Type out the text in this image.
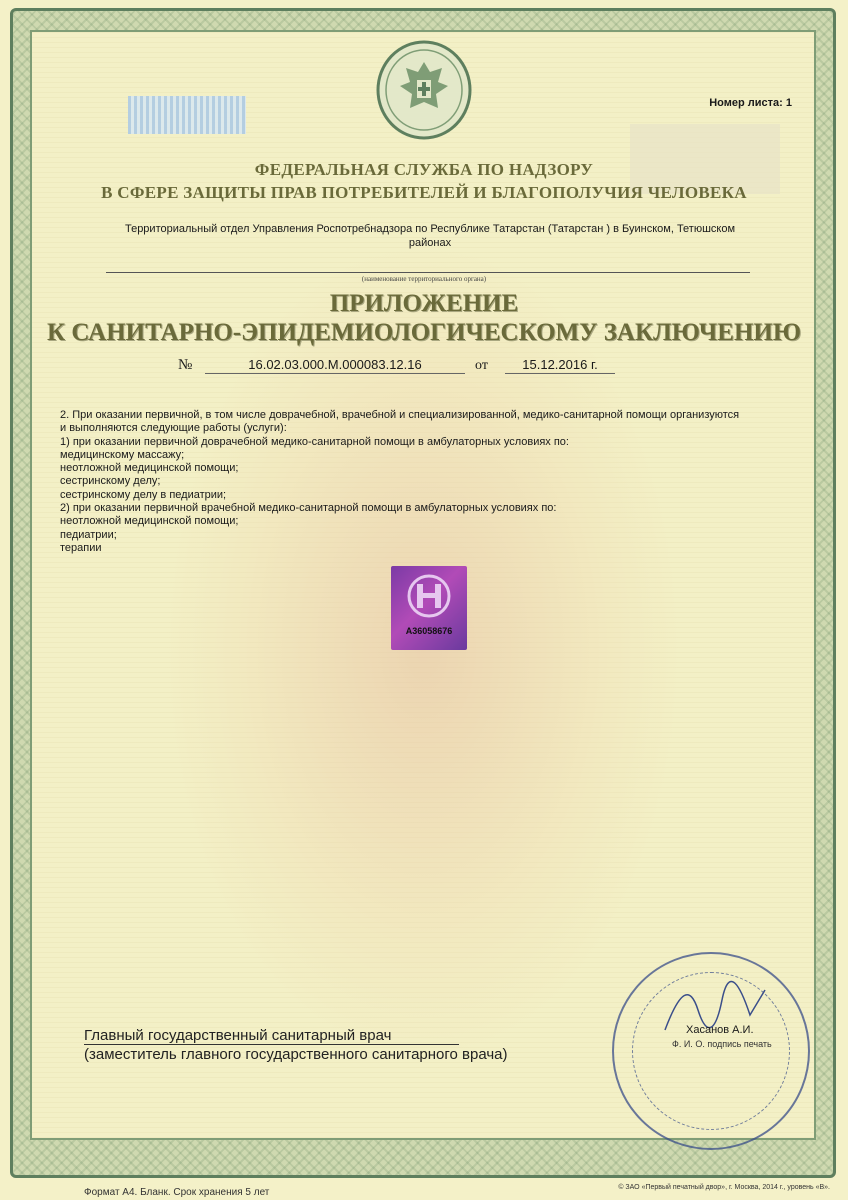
Номер листа: 1
ФЕДЕРАЛЬНАЯ СЛУЖБА ПО НАДЗОРУ
В СФЕРЕ ЗАЩИТЫ ПРАВ ПОТРЕБИТЕЛЕЙ И БЛАГОПОЛУЧИЯ ЧЕЛОВЕКА
Территориальный отдел Управления Роспотребнадзора по Республике Татарстан (Татарстан ) в Буинском, Тетюшском районах
(наименование территориального органа)
ПРИЛОЖЕНИЕ
К САНИТАРНО-ЭПИДЕМИОЛОГИЧЕСКОМУ ЗАКЛЮЧЕНИЮ
№	16.02.03.000.М.000083.12.16	от	15.12.2016 г.

2. При оказании первичной, в том числе доврачебной, врачебной и специализированной, медико-санитарной помощи организуются

и выполняются следующие работы (услуги):

1) при оказании первичной доврачебной медико-санитарной помощи в амбулаторных условиях по:

медицинскому массажу;

неотложной медицинской помощи;

сестринскому делу;

сестринскому делу в педиатрии;

2) при оказании первичной врачебной медико-санитарной помощи в амбулаторных условиях по:

неотложной медицинской помощи;

педиатрии;

терапии

А36058676
Главный государственный санитарный врач
(заместитель главного государственного санитарного врача)
Хасанов А.И.
Ф. И. О. подпись печать
Формат А4. Бланк. Срок хранения 5 лет	© ЗАО «Первый печатный двор», г. Москва, 2014 г., уровень «В».
